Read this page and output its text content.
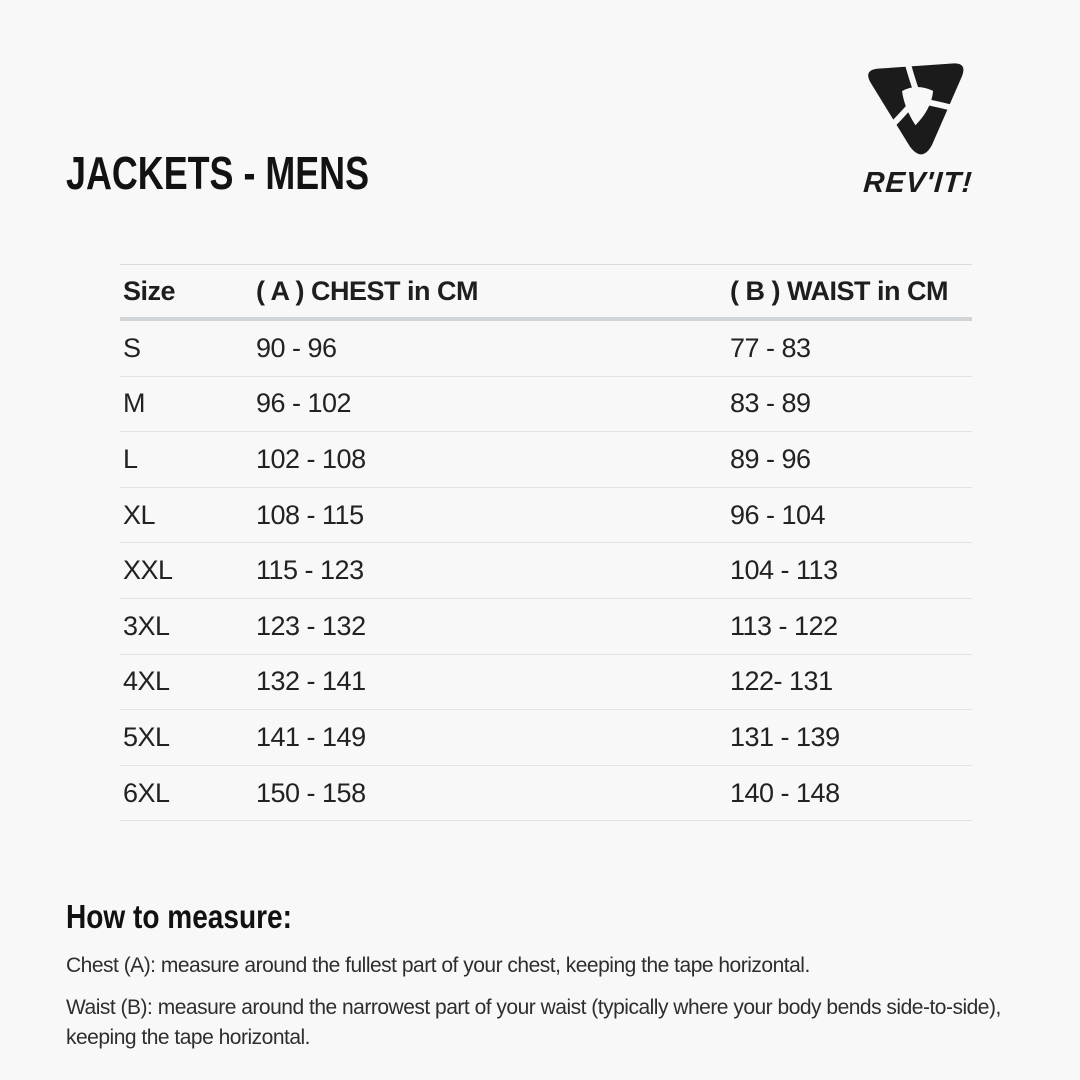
JACKETS - MENS	REV'IT!
Size	( A ) CHEST in CM	( B ) WAIST in CM
S	90 - 96	77 - 83
M	96 - 102	83 - 89
L	102 - 108	89 - 96
XL	108 - 115	96 - 104
XXL	115 - 123	104 - 113
3XL	123 - 132	113 - 122
4XL	132 - 141	122- 131
5XL	141 - 149	131 - 139
6XL	150 - 158	140 - 148
How to measure:

Chest (A): measure around the fullest part of your chest, keeping the tape horizontal.

Waist (B): measure around the narrowest part of your waist (typically where your body bends side-to-side), keeping the tape horizontal.
